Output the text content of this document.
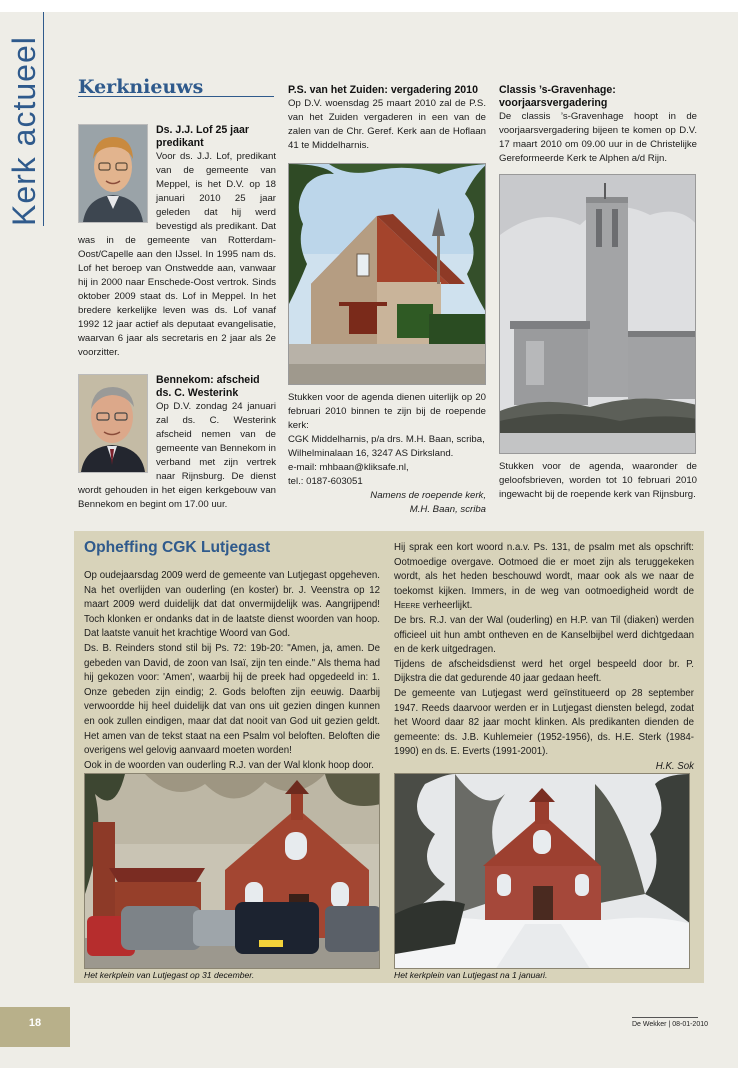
Kerk actueel Kerknieuws
Ds. J.J. Lof 25 jaar predikant
Voor ds. J.J. Lof, predikant van de gemeente van Meppel, is het D.V. op 18 januari 2010 25 jaar geleden dat hij werd bevestigd als predikant. Dat was in de gemeente van Rotterdam-Oost/Capelle aan den IJssel. In 1995 nam ds. Lof het beroep van Onstwedde aan, vanwaar hij in 2000 naar Enschede-Oost vertrok. Sinds oktober 2009 staat ds. Lof in Meppel. In het bredere kerkelijke leven was ds. Lof vanaf 1992 12 jaar actief als deputaat evangelisatie, waarvan 6 jaar als secretaris en 2 jaar als 2e voorzitter.
Bennekom: afscheid ds. C. Westerink
Op D.V. zondag 24 januari zal ds. C. Westerink afscheid nemen van de gemeente van Bennekom in verband met zijn vertrek naar Rijnsburg. De dienst wordt gehouden in het eigen kerkgebouw van Bennekom en begint om 17.00 uur.
P.S. van het Zuiden: vergadering 2010
Op D.V. woensdag 25 maart 2010 zal de P.S. van het Zuiden vergaderen in een van de zalen van de Chr. Geref. Kerk aan de Hoflaan 41 te Middelharnis.
Stukken voor de agenda dienen uiterlijk op 20 februari 2010 binnen te zijn bij de roepende kerk:
CGK Middelharnis, p/a drs. M.H. Baan, scriba,
Wilhelminalaan 16, 3247 AS Dirksland.
e-mail: mhbaan@kliksafe.nl,
tel.: 0187-603051
Namens de roepende kerk,
M.H. Baan, scriba
Classis ’s-Gravenhage: voorjaarsvergadering
De classis ’s-Gravenhage hoopt in de voorjaarsvergadering bijeen te komen op D.V. 17 maart 2010 om 09.00 uur in de Christelijke Gereformeerde Kerk te Alphen a/d Rijn.
Stukken voor de agenda, waaronder de geloofsbrieven, worden tot 10 februari 2010 ingewacht bij de roepende kerk van Rijnsburg.
Opheffing CGK Lutjegast
Op oudejaarsdag 2009 werd de gemeente van Lutjegast opgeheven. Na het overlijden van ouderling (en koster) br. J. Veenstra op 12 maart 2009 werd duidelijk dat dat onvermijdelijk was. Aangrijpend! Toch klonken er ondanks dat in de laatste dienst woorden van hoop. Dat laatste vanuit het krachtige Woord van God.
Ds. B. Reinders stond stil bij Ps. 72: 19b-20: "Amen, ja, amen. De gebeden van David, de zoon van Isaï, zijn ten einde." Als thema had hij gekozen voor: 'Amen', waarbij hij de preek had opgedeeld in: 1. Onze gebeden zijn eindig; 2. Gods beloften zijn eeuwig. Daarbij verwoordde hij heel duidelijk dat van ons uit gezien dingen kunnen en ook zullen eindigen, maar dat dat nooit van God uit gezien geldt. Het amen van de tekst staat na een Psalm vol beloften. Beloften die overigens wel gelovig aanvaard moeten worden!
Ook in de woorden van ouderling R.J. van der Wal klonk hoop door.
Hij sprak een kort woord n.a.v. Ps. 131, de psalm met als opschrift: Ootmoedige overgave. Ootmoed die er moet zijn als teruggekeken wordt, als het heden beschouwd wordt, maar ook als we naar de toekomst kijken. Immers, in de weg van ootmoedigheid wordt de Heere verheerlijkt.
De brs. R.J. van der Wal (ouderling) en H.P. van Til (diaken) werden officieel uit hun ambt ontheven en de Kanselbijbel werd dichtgedaan en de kerk uitgedragen.
Tijdens de afscheidsdienst werd het orgel bespeeld door br. P. Dijkstra die dat gedurende 40 jaar gedaan heeft.
De gemeente van Lutjegast werd geïnstitueerd op 28 september 1947. Reeds daarvoor werden er in Lutjegast diensten belegd, zodat het Woord daar 82 jaar mocht klinken. Als predikanten dienden de gemeente: ds. J.B. Kuhlemeier (1952-1956), ds. H.E. Sterk (1984-1990) en ds. E. Everts (1991-2001).
H.K. Sok
Het kerkplein van Lutjegast op 31 december.	Het kerkplein van Lutjegast na 1 januari.
18	De Wekker | 08-01-2010
